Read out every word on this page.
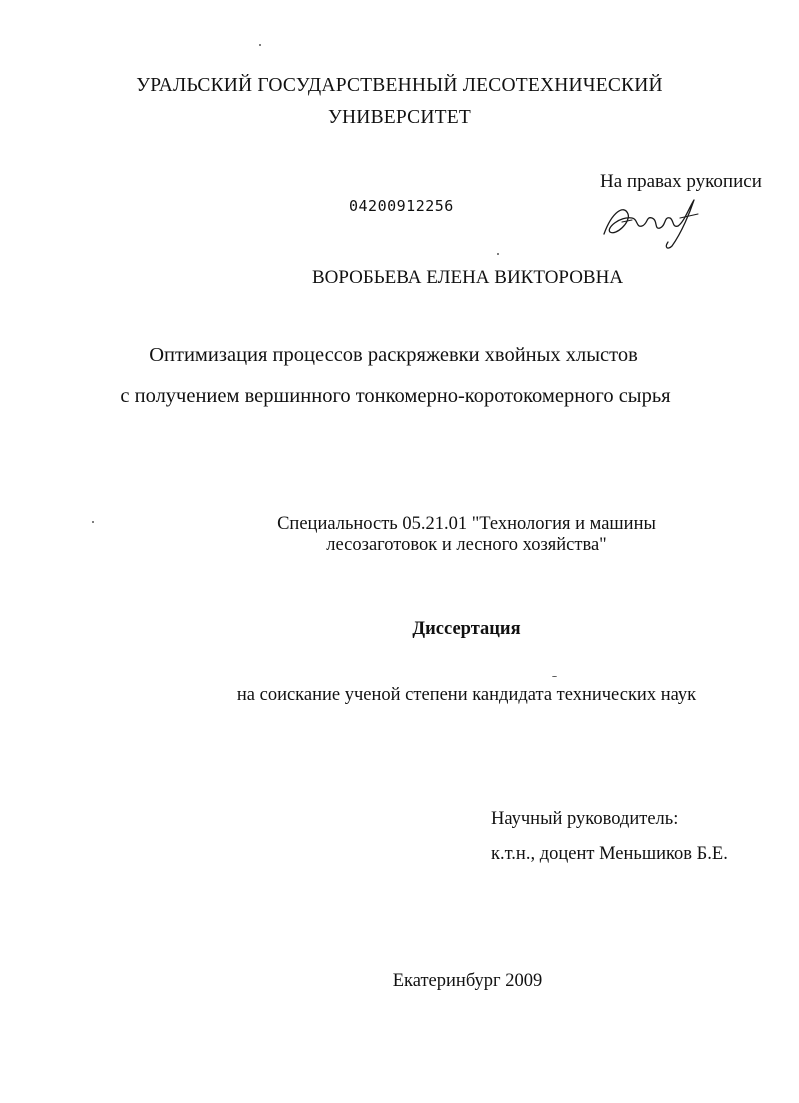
УРАЛЬСКИЙ ГОСУДАРСТВЕННЫЙ ЛЕСОТЕХНИЧЕСКИЙ
УНИВЕРСИТЕТ
На правах рукописи
04200912256
ВОРОБЬЕВА ЕЛЕНА ВИКТОРОВНА
Оптимизация процессов раскряжевки хвойных хлыстов
с получением вершинного тонкомерно-коротокомерного сырья
Специальность 05.21.01 "Технология и машины
лесозаготовок и лесного хозяйства"
Диссертация
на соискание ученой степени кандидата технических наук
Научный руководитель:
к.т.н., доцент Меньшиков Б.Е.
Екатеринбург 2009
